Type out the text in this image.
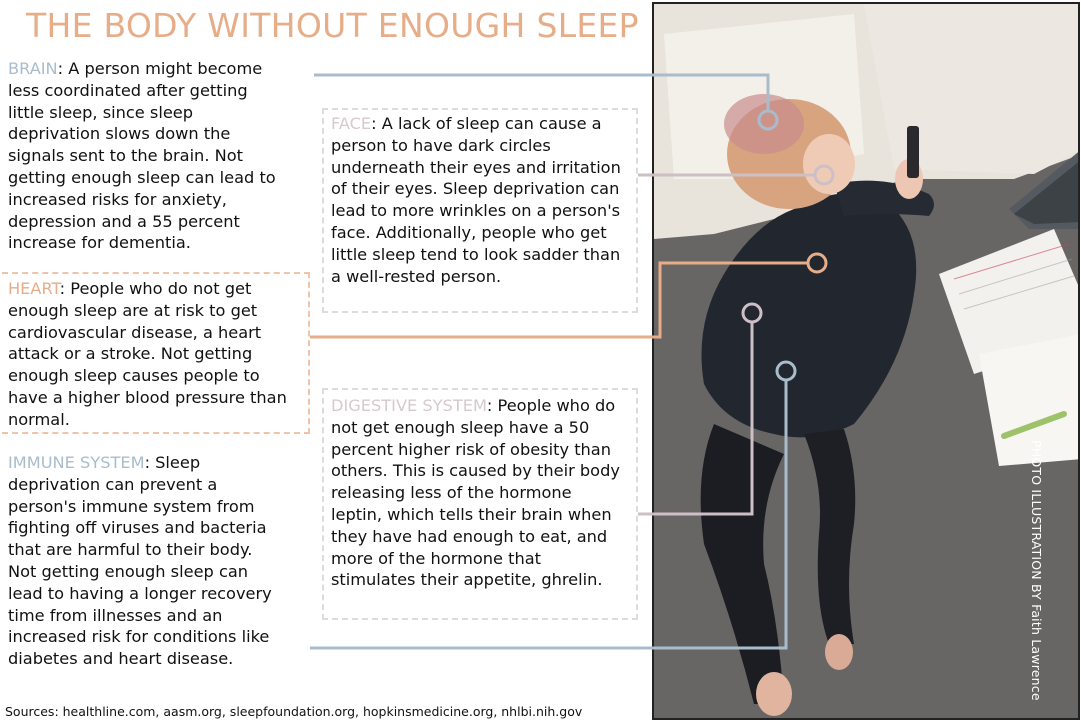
THE BODY WITHOUT ENOUGH SLEEP
BRAIN: A person might become less coordinated after getting little sleep, since sleep deprivation slows down the signals sent to the brain. Not getting enough sleep can lead to increased risks for anxiety, depression and a 55 percent increase for dementia.
HEART: People who do not get enough sleep are at risk to get cardiovascular disease, a heart attack or a stroke. Not getting enough sleep causes people to have a higher blood pressure than normal.
IMMUNE SYSTEM: Sleep deprivation can prevent a person's immune system from fighting off viruses and bacteria that are harmful to their body. Not getting enough sleep can lead to having a longer recovery time from illnesses and an increased risk for conditions like diabetes and heart disease.
FACE: A lack of sleep can cause a person to have dark circles underneath their eyes and irritation of their eyes. Sleep deprivation can lead to more wrinkles on a person's face. Additionally, people who get little sleep tend to look sadder than a well-rested person.
DIGESTIVE SYSTEM: People who do not get enough sleep have a 50 percent higher risk of obesity than others. This is caused by their body releasing less of the hormone leptin, which tells their brain when they have had enough to eat, and more of the hormone that stimulates their appetite, ghrelin.	PHOTO ILLUSTRATION BY Faith Lawrence
Sources: healthline.com, aasm.org, sleepfoundation.org, hopkinsmedicine.org, nhlbi.nih.gov
